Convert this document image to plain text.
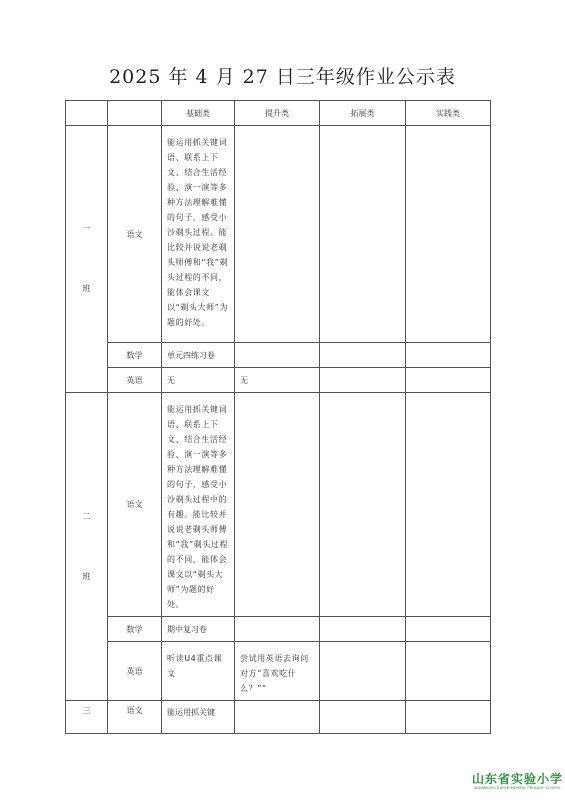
2025 年 4 月 27 日三年级作业公示表
		基础类	提升类	拓展类	实践类
一

班	语文	能运用抓关键词语、联系上下文、结合生活经验、演一演等多种方法理解难懂的句子，感受小沙剃头过程。能比较并说说老剃头师傅和“我”剃头过程的不同，能体会课文以“剃头大师”为题的好处。			
	数学	单元四练习卷			
	英语	无	无		
二

班	语文	能运用抓关键词语、联系上下文、结合生活经验、演一演等多种方法理解难懂的句子，感受小沙剃头过程中的有趣。能比较并说说老剃头师傅和“我”剃头过程的不同，能体会课文以“剃头大师”为题的好处。			
	数学	期中复习卷			
	英语	听读U4重点课文	尝试用英语去询问对方“喜欢吃什么？”“		
三	语文	能运用抓关键			
山东省实验小学
SHANDONG EXPERIMENTAL PRIMARY SCHOOL
